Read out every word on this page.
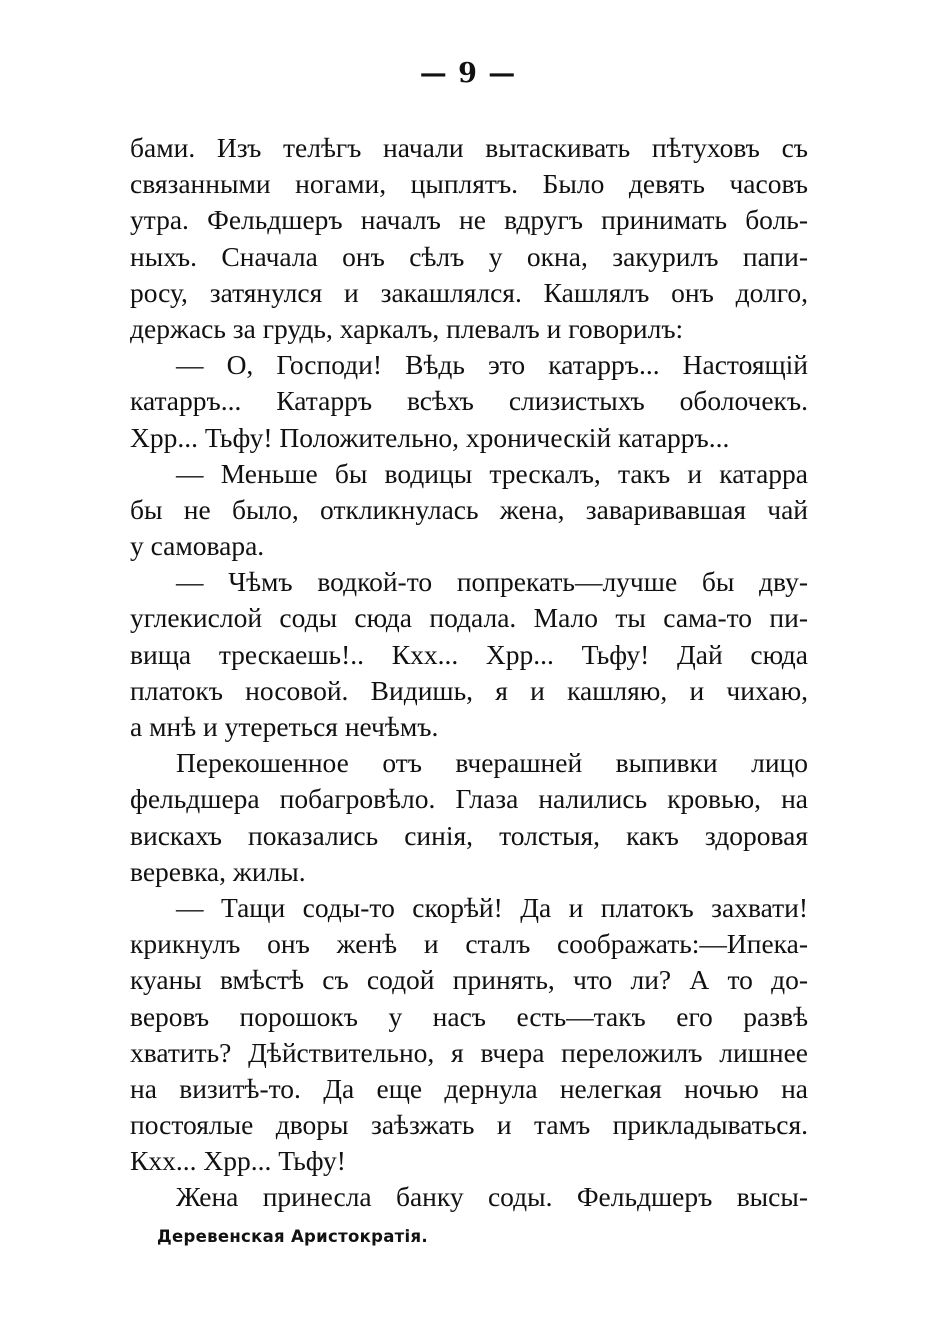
— 9 —
бами. Изъ телѣгъ начали вытаскивать пѣтуховъ съ
связанными ногами, цыплятъ. Было девять часовъ
утра. Фельдшеръ началъ не вдругъ принимать боль-
ныхъ. Сначала онъ сѣлъ у окна, закурилъ папи-
росу, затянулся и закашлялся. Кашлялъ онъ долго,
держась за грудь, харкалъ, плевалъ и говорилъ:
— О, Господи! Вѣдь это катарръ... Настоящій
катарръ... Катарръ всѣхъ слизистыхъ оболочекъ.
Хрр... Тьфу! Положительно, хроническій катарръ...
— Меньше бы водицы трескалъ, такъ и катарра
бы не было, откликнулась жена, заваривавшая чай
у самовара.
— Чѣмъ водкой-то попрекать—лучше бы дву-
углекислой соды сюда подала. Мало ты сама-то пи-
вища трескаешь!.. Кхх... Хрр... Тьфу! Дай сюда
платокъ носовой. Видишь, я и кашляю, и чихаю,
а мнѣ и утереться нечѣмъ.
Перекошенное отъ вчерашней выпивки лицо
фельдшера побагровѣло. Глаза налились кровью, на
вискахъ показались синія, толстыя, какъ здоровая
веревка, жилы.
— Тащи соды-то скорѣй! Да и платокъ захвати!
крикнулъ онъ женѣ и сталъ соображать:—Ипека-
куаны вмѣстѣ съ содой принять, что ли? А то до-
веровъ порошокъ у насъ есть—такъ его развѣ
хватить? Дѣйствительно, я вчера переложилъ лишнее
на визитѣ-то. Да еще дернула нелегкая ночью на
постоялые дворы заѣзжать и тамъ прикладываться.
Кхх... Хрр... Тьфу!
Жена принесла банку соды. Фельдшеръ высы-
Деревенская Аристократія.
